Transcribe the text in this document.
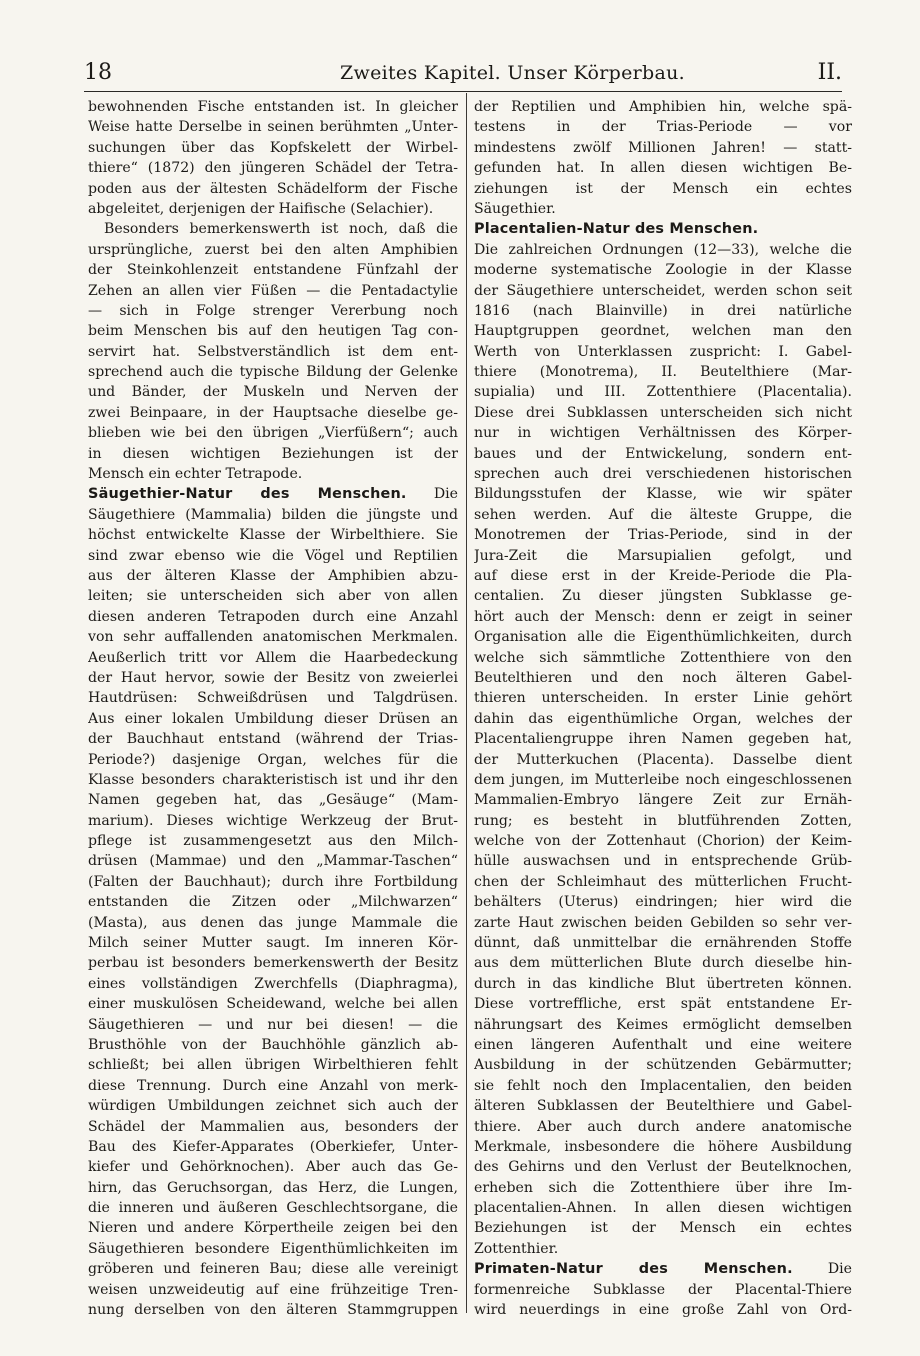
18	Zweites Kapitel. Unser Körperbau.	II.
bewohnenden Fische entstanden ist. In gleicher
Weise hatte Derselbe in seinen berühmten „Unter-
suchungen über das Kopfskelett der Wirbel-
thiere“ (1872) den jüngeren Schädel der Tetra-
poden aus der ältesten Schädelform der Fische
abgeleitet, derjenigen der Haifische (Selachier).
Besonders bemerkenswerth ist noch, daß die
ursprüngliche, zuerst bei den alten Amphibien
der Steinkohlenzeit entstandene Fünfzahl der
Zehen an allen vier Füßen — die Pentadactylie
— sich in Folge strenger Vererbung noch
beim Menschen bis auf den heutigen Tag con-
servirt hat. Selbstverständlich ist dem ent-
sprechend auch die typische Bildung der Gelenke
und Bänder, der Muskeln und Nerven der
zwei Beinpaare, in der Hauptsache dieselbe ge-
blieben wie bei den übrigen „Vierfüßern“; auch
in diesen wichtigen Beziehungen ist der
Mensch ein echter Tetrapode.
Säugethier-Natur des Menschen. Die
Säugethiere (Mammalia) bilden die jüngste und
höchst entwickelte Klasse der Wirbelthiere. Sie
sind zwar ebenso wie die Vögel und Reptilien
aus der älteren Klasse der Amphibien abzu-
leiten; sie unterscheiden sich aber von allen
diesen anderen Tetrapoden durch eine Anzahl
von sehr auffallenden anatomischen Merkmalen.
Aeußerlich tritt vor Allem die Haarbedeckung
der Haut hervor, sowie der Besitz von zweierlei
Hautdrüsen: Schweißdrüsen und Talgdrüsen.
Aus einer lokalen Umbildung dieser Drüsen an
der Bauchhaut entstand (während der Trias-
Periode?) dasjenige Organ, welches für die
Klasse besonders charakteristisch ist und ihr den
Namen gegeben hat, das „Gesäuge“ (Mam-
marium). Dieses wichtige Werkzeug der Brut-
pflege ist zusammengesetzt aus den Milch-
drüsen (Mammae) und den „Mammar-Taschen“
(Falten der Bauchhaut); durch ihre Fortbildung
entstanden die Zitzen oder „Milchwarzen“
(Masta), aus denen das junge Mammale die
Milch seiner Mutter saugt. Im inneren Kör-
perbau ist besonders bemerkenswerth der Besitz
eines vollständigen Zwerchfells (Diaphragma),
einer muskulösen Scheidewand, welche bei allen
Säugethieren — und nur bei diesen! — die
Brusthöhle von der Bauchhöhle gänzlich ab-
schließt; bei allen übrigen Wirbelthieren fehlt
diese Trennung. Durch eine Anzahl von merk-
würdigen Umbildungen zeichnet sich auch der
Schädel der Mammalien aus, besonders der
Bau des Kiefer-Apparates (Oberkiefer, Unter-
kiefer und Gehörknochen). Aber auch das Ge-
hirn, das Geruchsorgan, das Herz, die Lungen,
die inneren und äußeren Geschlechtsorgane, die
Nieren und andere Körpertheile zeigen bei den
Säugethieren besondere Eigenthümlichkeiten im
gröberen und feineren Bau; diese alle vereinigt
weisen unzweideutig auf eine frühzeitige Tren-
nung derselben von den älteren Stammgruppen
der Reptilien und Amphibien hin, welche spä-
testens in der Trias-Periode — vor
mindestens zwölf Millionen Jahren! — statt-
gefunden hat. In allen diesen wichtigen Be-
ziehungen ist der Mensch ein echtes
Säugethier.
Placentalien-Natur des Menschen.
Die zahlreichen Ordnungen (12—33), welche die
moderne systematische Zoologie in der Klasse
der Säugethiere unterscheidet, werden schon seit
1816 (nach Blainville) in drei natürliche
Hauptgruppen geordnet, welchen man den
Werth von Unterklassen zuspricht: I. Gabel-
thiere (Monotrema), II. Beutelthiere (Mar-
supialia) und III. Zottenthiere (Placentalia).
Diese drei Subklassen unterscheiden sich nicht
nur in wichtigen Verhältnissen des Körper-
baues und der Entwickelung, sondern ent-
sprechen auch drei verschiedenen historischen
Bildungsstufen der Klasse, wie wir später
sehen werden. Auf die älteste Gruppe, die
Monotremen der Trias-Periode, sind in der
Jura-Zeit die Marsupialien gefolgt, und
auf diese erst in der Kreide-Periode die Pla-
centalien. Zu dieser jüngsten Subklasse ge-
hört auch der Mensch: denn er zeigt in seiner
Organisation alle die Eigenthümlichkeiten, durch
welche sich sämmtliche Zottenthiere von den
Beutelthieren und den noch älteren Gabel-
thieren unterscheiden. In erster Linie gehört
dahin das eigenthümliche Organ, welches der
Placentaliengruppe ihren Namen gegeben hat,
der Mutterkuchen (Placenta). Dasselbe dient
dem jungen, im Mutterleibe noch eingeschlossenen
Mammalien-Embryo längere Zeit zur Ernäh-
rung; es besteht in blutführenden Zotten,
welche von der Zottenhaut (Chorion) der Keim-
hülle auswachsen und in entsprechende Grüb-
chen der Schleimhaut des mütterlichen Frucht-
behälters (Uterus) eindringen; hier wird die
zarte Haut zwischen beiden Gebilden so sehr ver-
dünnt, daß unmittelbar die ernährenden Stoffe
aus dem mütterlichen Blute durch dieselbe hin-
durch in das kindliche Blut übertreten können.
Diese vortreffliche, erst spät entstandene Er-
nährungsart des Keimes ermöglicht demselben
einen längeren Aufenthalt und eine weitere
Ausbildung in der schützenden Gebärmutter;
sie fehlt noch den Implacentalien, den beiden
älteren Subklassen der Beutelthiere und Gabel-
thiere. Aber auch durch andere anatomische
Merkmale, insbesondere die höhere Ausbildung
des Gehirns und den Verlust der Beutelknochen,
erheben sich die Zottenthiere über ihre Im-
placentalien-Ahnen. In allen diesen wichtigen
Beziehungen ist der Mensch ein echtes
Zottenthier.
Primaten-Natur des Menschen. Die
formenreiche Subklasse der Placental-Thiere
wird neuerdings in eine große Zahl von Ord-
